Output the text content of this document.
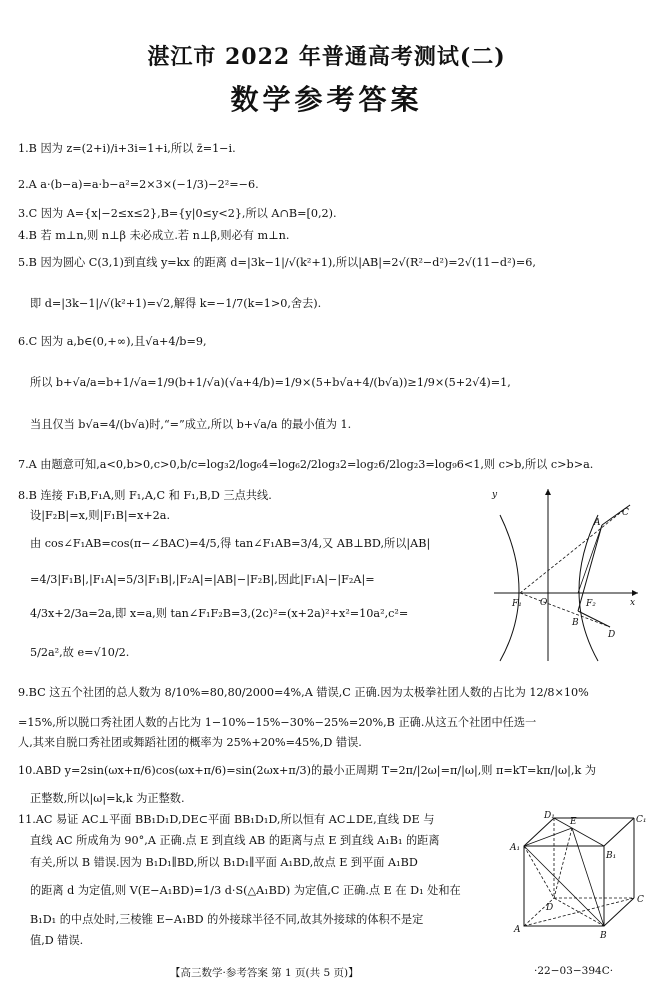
湛江市 2022 年普通高考测试(二)
数学参考答案
1.B 因为 z=(2+i)/i+3i=1+i,所以 z̄=1−i.
2.A a·(b−a)=a·b−a²=2×3×(−1/3)−2²=−6.
3.C 因为 A={x|−2≤x≤2},B={y|0≤y<2},所以 A∩B=[0,2).
4.B 若 m⊥n,则 n⊥β 未必成立.若 n⊥β,则必有 m⊥n.
5.B 因为圆心 C(3,1)到直线 y=kx 的距离 d=|3k−1|/√(k²+1),所以|AB|=2√(R²−d²)=2√(11−d²)=6,
即 d=|3k−1|/√(k²+1)=√2,解得 k=−1/7(k=1>0,舍去).
6.C 因为 a,b∈(0,+∞),且√a+4/b=9,
所以 b+√a/a=b+1/√a=1/9(b+1/√a)(√a+4/b)=1/9×(5+b√a+4/(b√a))≥1/9×(5+2√4)=1,
当且仅当 b√a=4/(b√a)时,“=”成立,所以 b+√a/a 的最小值为 1.
7.A 由题意可知,a<0,b>0,c>0,b/c=log₃2/log₆4=log₆2/2log₃2=log₂6/2log₂3=log₉6<1,则 c>b,所以 c>b>a.
8.B 连接 F₁B,F₁A,则 F₁,A,C 和 F₁,B,D 三点共线.
设|F₂B|=x,则|F₁B|=x+2a.
由 cos∠F₁AB=cos(π−∠BAC)=4/5,得 tan∠F₁AB=3/4,又 AB⊥BD,所以|AB|
=4/3|F₁B|,|F₁A|=5/3|F₁B|,|F₂A|=|AB|−|F₂B|,因此|F₁A|−|F₂A|=
4/3x+2/3a=2a,即 x=a,则 tan∠F₁F₂B=3,(2c)²=(x+2a)²+x²=10a²,c²=
5/2a²,故 e=√10/2.
y
x
O
F₁	F₂
A
C
B
D
9.BC 这五个社团的总人数为 8/10%=80,80/2000=4%,A 错误,C 正确.因为太极拳社团人数的占比为 12/8×10%
=15%,所以脱口秀社团人数的占比为 1−10%−15%−30%−25%=20%,B 正确.从这五个社团中任选一
人,其来自脱口秀社团或舞蹈社团的概率为 25%+20%=45%,D 错误.
10.ABD y=2sin(ωx+π/6)cos(ωx+π/6)=sin(2ωx+π/3)的最小正周期 T=2π/|2ω|=π/|ω|,则 π=kT=kπ/|ω|,k 为
正整数,所以|ω|=k,k 为正整数.
11.AC 易证 AC⊥平面 BB₁D₁D,DE⊂平面 BB₁D₁D,所以恒有 AC⊥DE,直线 DE 与
直线 AC 所成角为 90°,A 正确.点 E 到直线 AB 的距离与点 E 到直线 A₁B₁ 的距离
有关,所以 B 错误.因为 B₁D₁∥BD,所以 B₁D₁∥平面 A₁BD,故点 E 到平面 A₁BD
的距离 d 为定值,则 V(E−A₁BD)=1/3 d·S(△A₁BD) 为定值,C 正确.点 E 在 D₁ 处和在
B₁D₁ 的中点处时,三棱锥 E−A₁BD 的外接球半径不同,故其外接球的体积不是定
值,D 错误.
D₁	C₁
A₁
B₁
E
D
C
A
B
【高三数学·参考答案 第 1 页(共 5 页)】	·22−03−394C·
